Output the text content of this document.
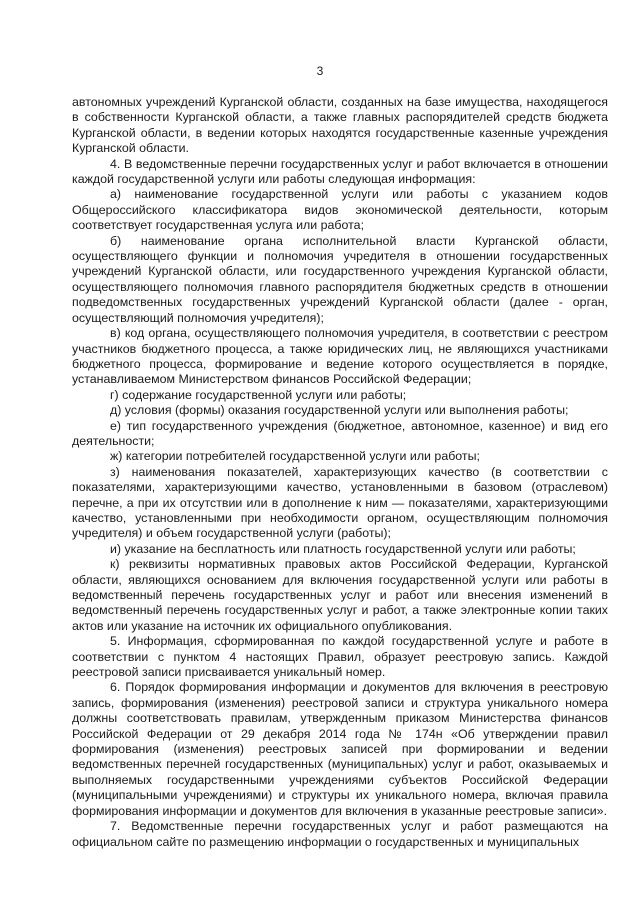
3

автономных учреждений Курганской области, созданных на базе имущества, находящегося в собственности Курганской области, а также главных распорядителей средств бюджета Курганской области, в ведении которых находятся государственные казенные учреждения Курганской области.

4. В ведомственные перечни государственных услуг и работ включается в отношении каждой государственной услуги или работы следующая информация:

а) наименование государственной услуги или работы с указанием кодов Общероссийского классификатора видов экономической деятельности, которым соответствует государственная услуга или работа;

б) наименование органа исполнительной власти Курганской области, осуществляющего функции и полномочия учредителя в отношении государственных учреждений Курганской области, или государственного учреждения Курганской области, осуществляющего полномочия главного распорядителя бюджетных средств в отношении подведомственных государственных учреждений Курганской области (далее - орган, осуществляющий полномочия учредителя);

в) код органа, осуществляющего полномочия учредителя, в соответствии с реестром участников бюджетного процесса, а также юридических лиц, не являющихся участниками бюджетного процесса, формирование и ведение которого осуществляется в порядке, устанавливаемом Министерством финансов Российской Федерации;

г) содержание государственной услуги или работы;

д) условия (формы) оказания государственной услуги или выполнения работы;

е) тип государственного учреждения (бюджетное, автономное, казенное) и вид его деятельности;

ж) категории потребителей государственной услуги или работы;

з) наименования показателей, характеризующих качество (в соответствии с показателями, характеризующими качество, установленными в базовом (отраслевом) перечне, а при их отсутствии или в дополнение к ним — показателями, характеризующими качество, установленными при необходимости органом, осуществляющим полномочия учредителя) и объем государственной услуги (работы);

и) указание на бесплатность или платность государственной услуги или работы;

к) реквизиты нормативных правовых актов Российской Федерации, Курганской области, являющихся основанием для включения государственной услуги или работы в ведомственный перечень государственных услуг и работ или внесения изменений в ведомственный перечень государственных услуг и работ, а также электронные копии таких актов или указание на источник их официального опубликования.

5. Информация, сформированная по каждой государственной услуге и работе в соответствии с пунктом 4 настоящих Правил, образует реестровую запись. Каждой реестровой записи присваивается уникальный номер.

6. Порядок формирования информации и документов для включения в реестровую запись, формирования (изменения) реестровой записи и структура уникального номера должны соответствовать правилам, утвержденным приказом Министерства финансов Российской Федерации от 29 декабря 2014 года № 174н «Об утверждении правил формирования (изменения) реестровых записей при формировании и ведении ведомственных перечней государственных (муниципальных) услуг и работ, оказываемых и выполняемых государственными учреждениями субъектов Российской Федерации (муниципальными учреждениями) и структуры их уникального номера, включая правила формирования информации и документов для включения в указанные реестровые записи».

7. Ведомственные перечни государственных услуг и работ размещаются на официальном сайте по размещению информации о государственных и муниципальных
